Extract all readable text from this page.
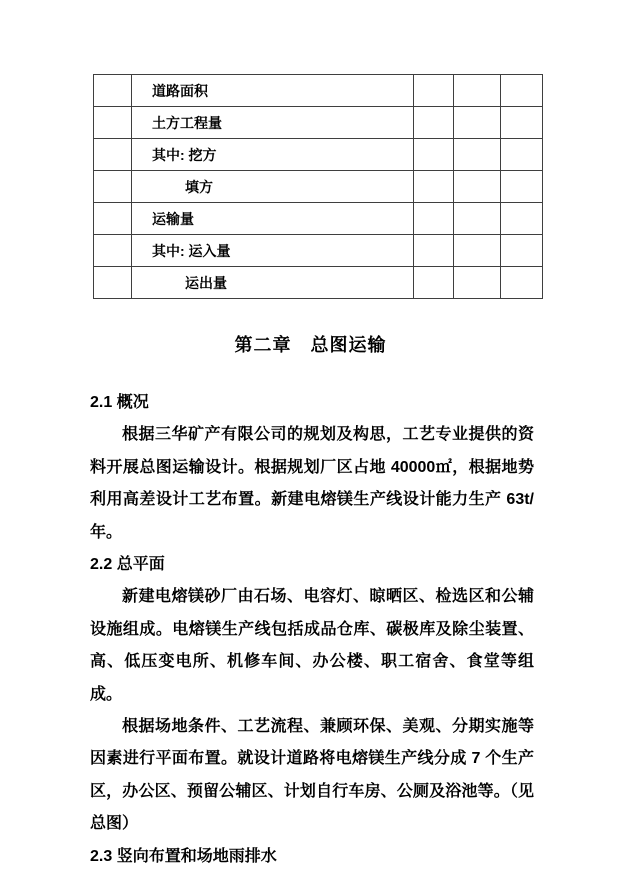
	道路面积			
	土方工程量			
	其中: 挖方			
	填方			
	运输量			
	其中: 运入量			
	运出量			
第二章　总图运输

2.1 概况

根据三华矿产有限公司的规划及构思，工艺专业提供的资料开展总图运输设计。根据规划厂区占地 40000㎡，根据地势利用高差设计工艺布置。新建电熔镁生产线设计能力生产 63t/年。

2.2 总平面

新建电熔镁砂厂由石场、电容灯、晾晒区、检选区和公辅设施组成。电熔镁生产线包括成品仓库、碳极库及除尘装置、高、低压变电所、机修车间、办公楼、职工宿舍、食堂等组成。

根据场地条件、工艺流程、兼顾环保、美观、分期实施等因素进行平面布置。就设计道路将电熔镁生产线分成 7 个生产区，办公区、预留公辅区、计划自行车房、公厕及浴池等。（见总图）

2.3 竖向布置和场地雨排水
